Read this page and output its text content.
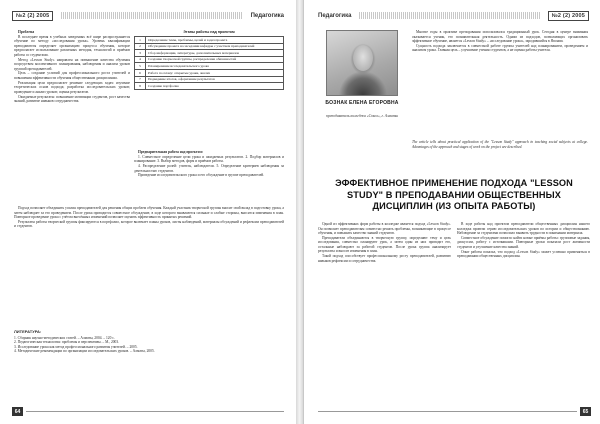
№2 (2) 2005	Педагогика

Проблема

В последнее время в учебных заведениях всё шире распространяется обучение по методу «исследования урока». Уровень квалификации преподавателя определяет организацию процесса обучения, которое предполагает использование различных методик, технологий и приёмов работы со студентами.

Метод «Lesson Study» направлен на повышение качества обучения посредством коллективного планирования, наблюдения и анализа уроков группой преподавателей.

Цель – создание условий для профессионального роста учителей и повышения эффективности обучения общественным дисциплинам.

Реализация цели предполагает решение следующих задач: изучение теоретических основ подхода; разработка исследовательских уроков; проведение и анализ уроков; оценка результатов.

Ожидаемые результаты: повышение мотивации студентов, рост качества знаний, развитие навыков сотрудничества.

Этапы работы над проектом
1	Определение темы, проблемы, целей и задач проекта
2	Обсуждение проекта на заседании кафедры с участием преподавателей
3	Сбор информации, литературы, дополнительных материалов
4	Создание творческой группы, распределение обязанностей
5	Планирование исследовательского урока
6	Работа по плану: открытые уроки, анализ
7	Подведение итогов, оформление результатов
8	Создание портфолио

Предварительная работа над проектом:

1. Совместное определение цели урока и ожидаемых результатов. 2. Подбор материалов и планирование. 3. Выбор методов, форм и приёмов работы.

4. Распределение ролей: учитель, наблюдатели. 5. Определение критериев наблюдения за деятельностью студентов.

Проведение исследовательского урока и его обсуждение в группе преподавателей.

Подход позволяет объединить усилия преподавателей для решения общих проблем обучения. Каждый участник творческой группы вносит свой вклад в подготовку урока, а затем наблюдает за его проведением. После урока проводится совместное обсуждение, в ходе которого выявляются сильные и слабые стороны, вносятся изменения в план. Повторное проведение урока с учётом внесённых изменений позволяет оценить эффективность принятых решений.

Результаты работы творческой группы фиксируются в портфолио, которое включает планы уроков, листы наблюдений, материалы обсуждений и рефлексии преподавателей и студентов.

ЛИТЕРАТУРА:
1. Сборник научно-методических статей. – Алматы, 2004. – 120 с.
2. Педагогическая технология: проблемы и перспективы. – М., 2003.
3. Исследование урока как метод профессионального развития учителей. – 2005.
4. Методические рекомендации по организации исследовательских уроков. – Алматы, 2005.
64
Педагогика	№2 (2) 2005
БОЗНАК ЕЛЕНА ЕГОРОВНА
преподаватель колледжа «Сокол», г. Алматы

Многие годы в практике преподавания использовался традиционный урок. Сегодня в центре внимания оказывается ученик, его познавательная деятельность. Одним из подходов, позволяющих организовать эффективное обучение, является «Lesson Study» – «исследование урока», зародившийся в Японии.

Сущность подхода заключается в совместной работе группы учителей над планированием, проведением и анализом урока. Главная цель – улучшение учения студентов, а не оценка работы учителя.

The article tells about practical application of the "Lesson Study" approach in teaching social subjects at college. Advantages of the approach and stages of work on the project are described.
ЭФФЕКТИВНОЕ ПРИМЕНЕНИЕ ПОДХОДА "LESSON STUDY" В ПРЕПОДАВАНИИ ОБЩЕСТВЕННЫХ ДИСЦИПЛИН (ИЗ ОПЫТА РАБОТЫ)

Одной из эффективных форм работы в колледже является подход «Lesson Study». Он позволяет преподавателям совместно решать проблемы, возникающие в процессе обучения, и повышать качество знаний студентов.

Преподаватели объединяются в творческую группу, определяют тему и цель исследования, совместно планируют урок, а затем один из них проводит его, остальные наблюдают за работой студентов. После урока группа анализирует результаты и вносит изменения в план.

Такой подход способствует профессиональному росту преподавателей, развитию навыков рефлексии и сотрудничества.

В ходе работы над проектом преподаватели общественных дисциплин нашего колледжа провели серию исследовательских уроков по истории и обществознанию. Наблюдение за студентами позволило выявить трудности в понимании материала.

Совместное обсуждение помогло найти новые приёмы работы: групповые задания, дискуссии, работу с источниками. Повторные уроки показали рост активности студентов и улучшение качества знаний.

Опыт работы показал, что подход «Lesson Study» может успешно применяться в преподавании общественных дисциплин.

65
